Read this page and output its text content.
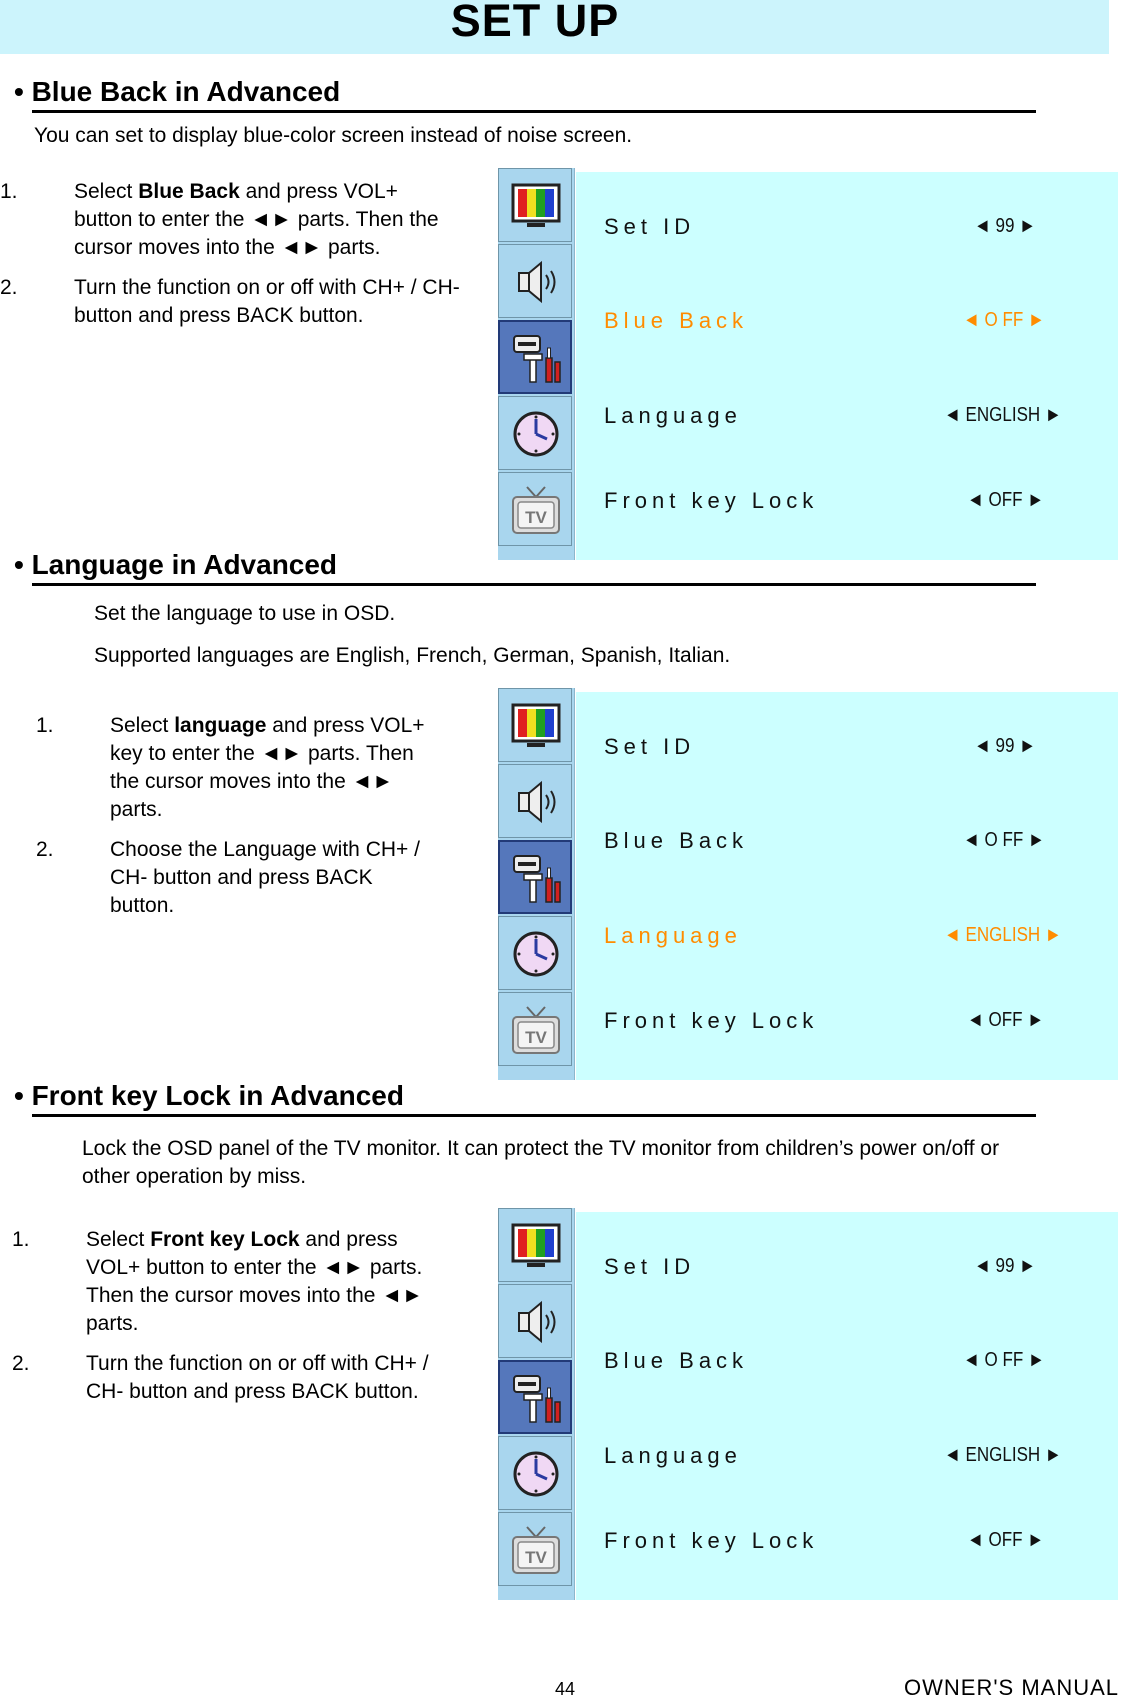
SET UP
• Blue Back in Advanced
You can set to display blue-color screen instead of noise screen.
1.	Select Blue Back and press VOL+ button to enter the ◄► parts. Then the cursor moves into the ◄► parts.
2.	Turn the function on or off with CH+ / CH- button and press BACK button.
TV
Set ID	◄ 99 ►
Blue Back	◄ O FF ►
Language	◄ ENGLISH ►
Front key Lock	◄ OFF ►
• Language in Advanced
Set the language to use in OSD.
Supported languages are English, French, German, Spanish, Italian.
1.	Select language and press VOL+ key to enter the ◄► parts. Then the cursor moves into the ◄► parts.
2.	Choose the Language with CH+ / CH- button and press BACK button.
TV
Set ID	◄ 99 ►
Blue Back	◄ O FF ►
Language	◄ ENGLISH ►
Front key Lock	◄ OFF ►
• Front key Lock in Advanced
Lock the OSD panel of the TV monitor. It can protect the TV monitor from children’s power on/off or other operation by miss.
1.	Select Front key Lock and press VOL+ button to enter the ◄► parts. Then the cursor moves into the ◄► parts.
2.	Turn the function on or off with CH+ / CH- button and press BACK button.
TV
Set ID	◄ 99 ►
Blue Back	◄ O FF ►
Language	◄ ENGLISH ►
Front key Lock	◄ OFF ►
44	OWNER'S MANUAL
